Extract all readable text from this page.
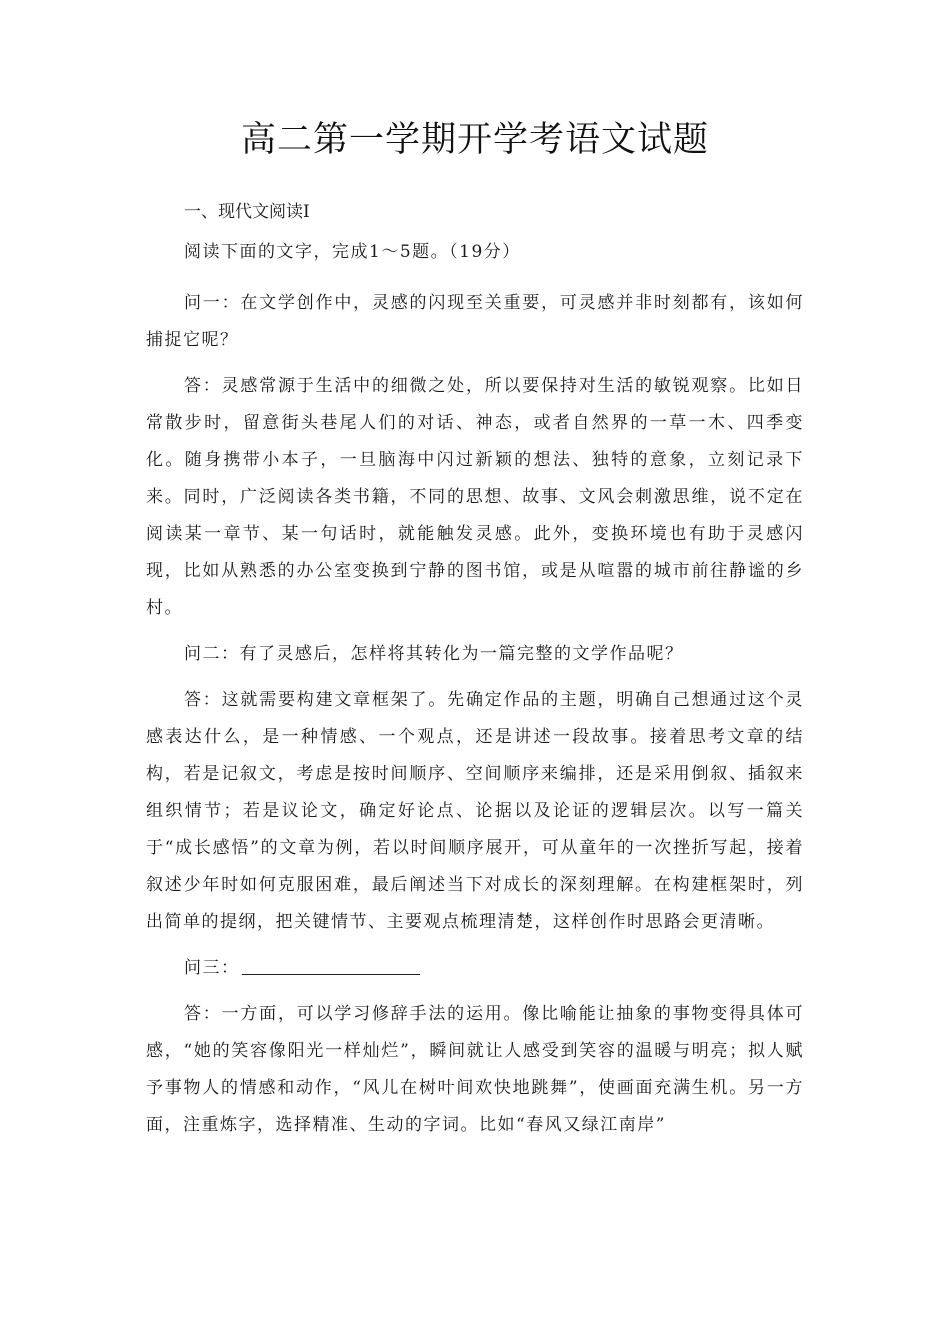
高二第一学期开学考语文试题
一、现代文阅读Ⅰ

阅读下面的文字，完成1～5题。（19分）

问一：在文学创作中，灵感的闪现至关重要，可灵感并非时刻都有，该如何捕捉它呢？

答：灵感常源于生活中的细微之处，所以要保持对生活的敏锐观察。比如日常散步时，留意街头巷尾人们的对话、神态，或者自然界的一草一木、四季变化。随身携带小本子，一旦脑海中闪过新颖的想法、独特的意象，立刻记录下来。同时，广泛阅读各类书籍，不同的思想、故事、文风会刺激思维，说不定在阅读某一章节、某一句话时，就能触发灵感。此外，变换环境也有助于灵感闪现，比如从熟悉的办公室变换到宁静的图书馆，或是从喧嚣的城市前往静谧的乡村。

问二：有了灵感后，怎样将其转化为一篇完整的文学作品呢？

答：这就需要构建文章框架了。先确定作品的主题，明确自己想通过这个灵感表达什么，是一种情感、一个观点，还是讲述一段故事。接着思考文章的结构，若是记叙文，考虑是按时间顺序、空间顺序来编排，还是采用倒叙、插叙来组织情节；若是议论文，确定好论点、论据以及论证的逻辑层次。以写一篇关于“成长感悟”的文章为例，若以时间顺序展开，可从童年的一次挫折写起，接着叙述少年时如何克服困难，最后阐述当下对成长的深刻理解。在构建框架时，列出简单的提纲，把关键情节、主要观点梳理清楚，这样创作时思路会更清晰。

问三：

答：一方面，可以学习修辞手法的运用。像比喻能让抽象的事物变得具体可感，“她的笑容像阳光一样灿烂”，瞬间就让人感受到笑容的温暖与明亮；拟人赋予事物人的情感和动作，“风儿在树叶间欢快地跳舞”，使画面充满生机。另一方面，注重炼字，选择精准、生动的字词。比如“春风又绿江南岸”
